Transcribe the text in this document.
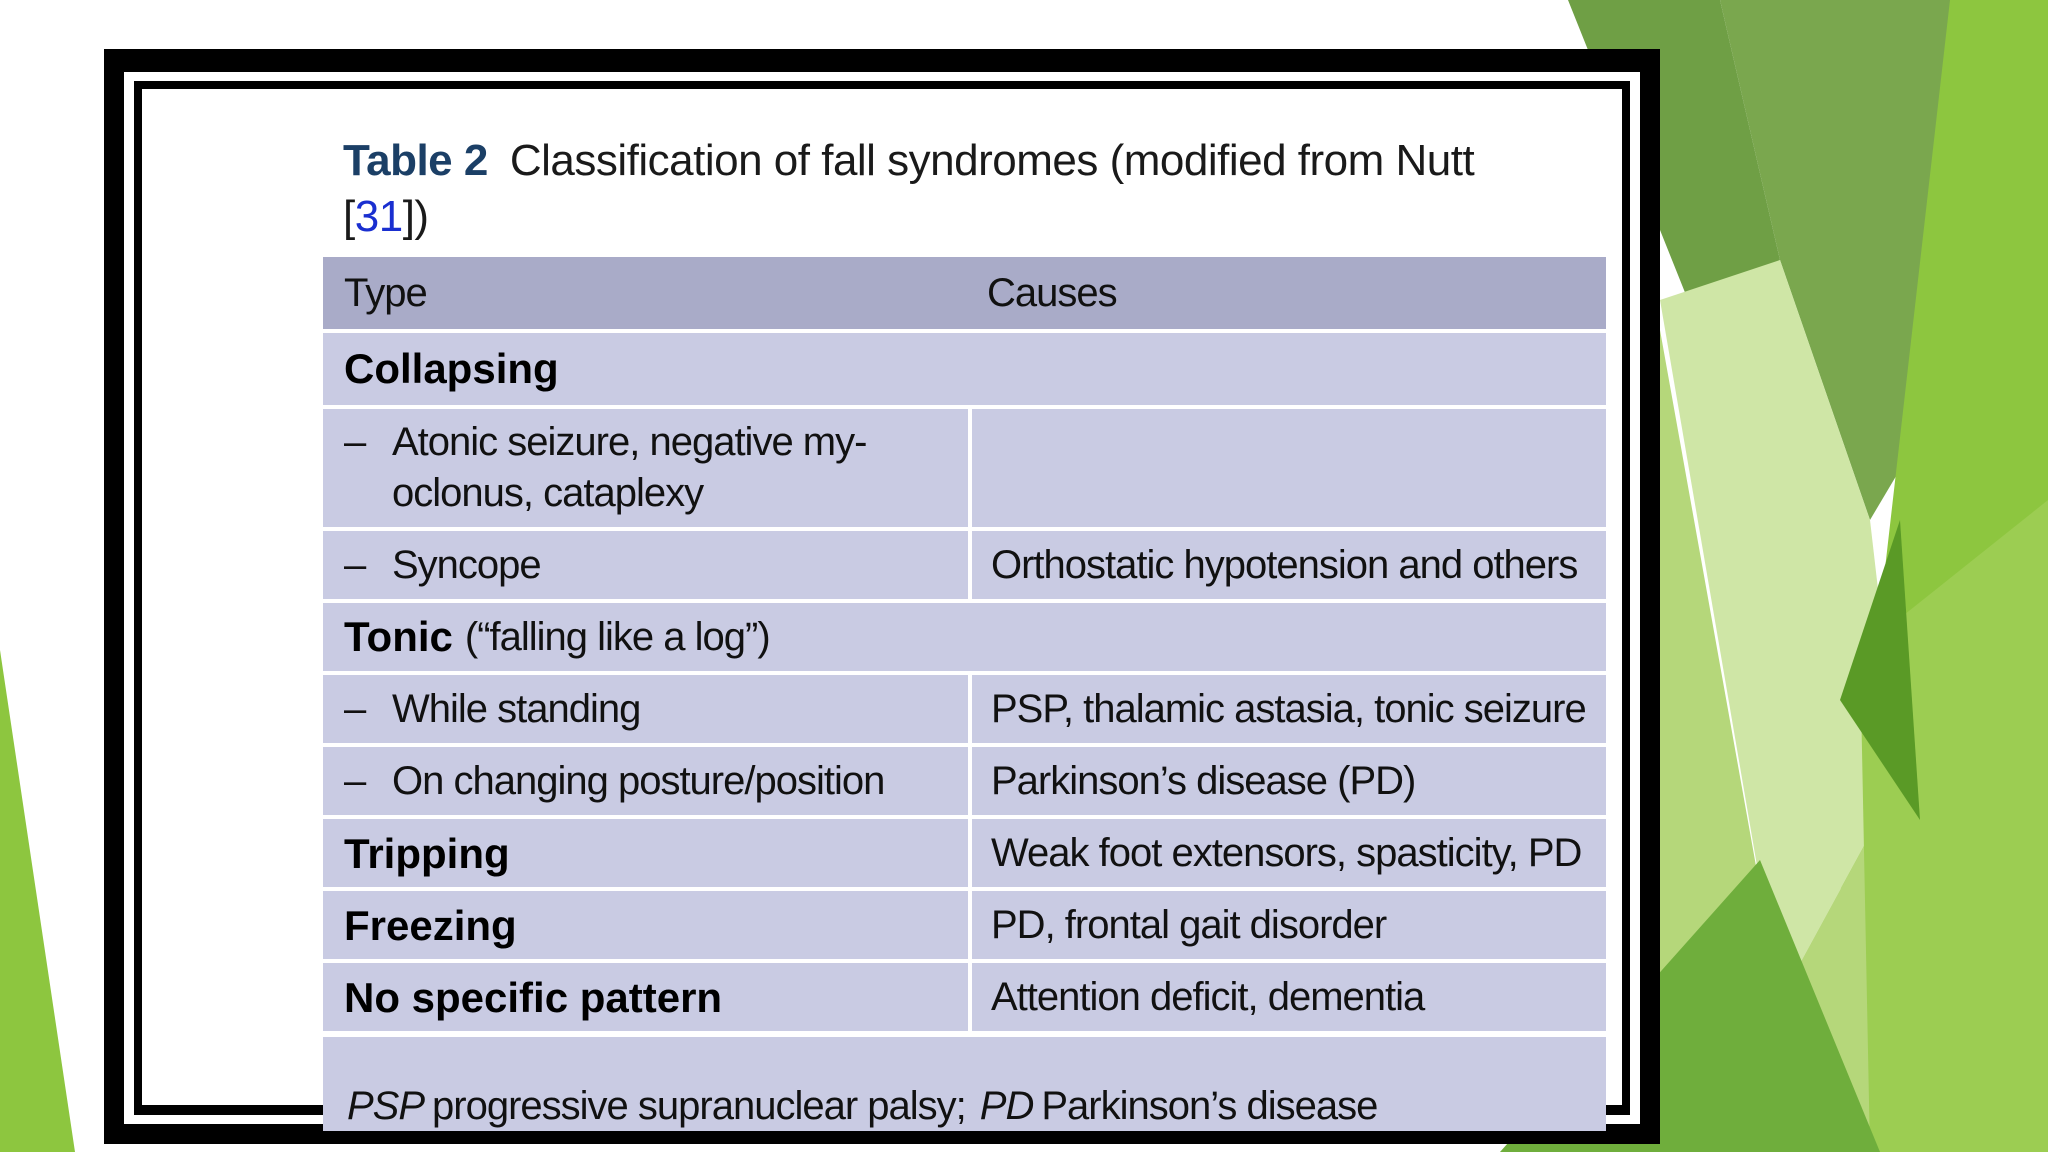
Table 2 Classification of fall syndromes (modified from Nutt [31])
Type	Causes
Collapsing
– Atonic seizure, negative my-
oclonus, cataplexy
– Syncope	Orthostatic hypotension and others
Tonic (“falling like a log”)
– While standing	PSP, thalamic astasia, tonic seizure
– On changing posture/position	Parkinson’s disease (PD)
Tripping	Weak foot extensors, spasticity, PD
Freezing	PD, frontal gait disorder
No specific pattern	Attention deficit, dementia
PSP progressive supranuclear palsy; PD Parkinson’s disease
